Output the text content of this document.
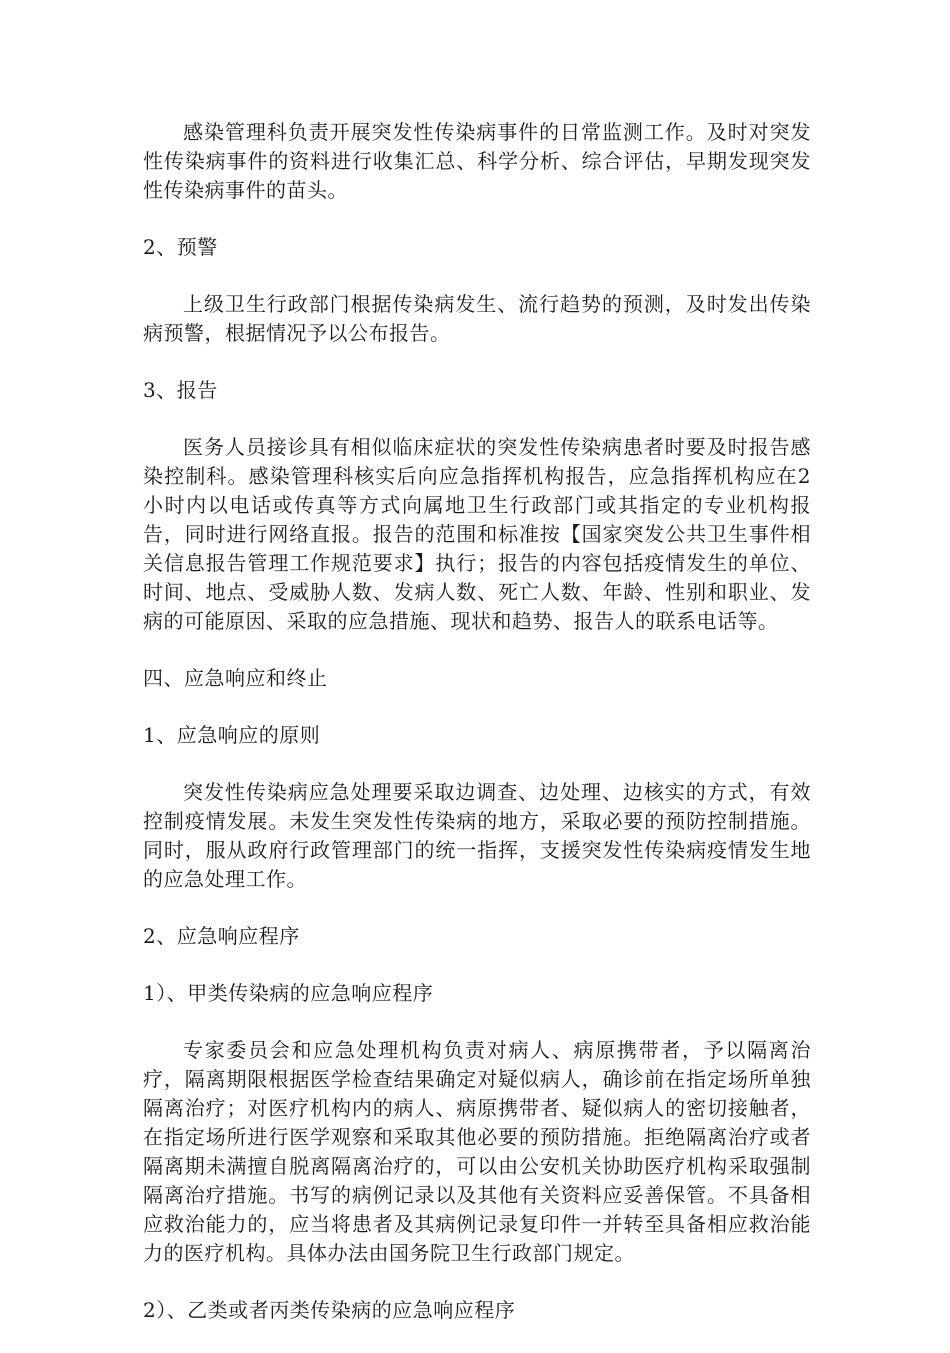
感染管理科负责开展突发性传染病事件的日常监测工作。及时对突发性传染病事件的资料进行收集汇总、科学分析、综合评估，早期发现突发性传染病事件的苗头。

2、预警

上级卫生行政部门根据传染病发生、流行趋势的预测，及时发出传染病预警，根据情况予以公布报告。

3、报告

医务人员接诊具有相似临床症状的突发性传染病患者时要及时报告感染控制科。感染管理科核实后向应急指挥机构报告，应急指挥机构应在2小时内以电话或传真等方式向属地卫生行政部门或其指定的专业机构报告，同时进行网络直报。报告的范围和标准按【国家突发公共卫生事件相关信息报告管理工作规范要求】执行；报告的内容包括疫情发生的单位、时间、地点、受威胁人数、发病人数、死亡人数、年龄、性别和职业、发病的可能原因、采取的应急措施、现状和趋势、报告人的联系电话等。

四、应急响应和终止

1、应急响应的原则

突发性传染病应急处理要采取边调查、边处理、边核实的方式，有效控制疫情发展。未发生突发性传染病的地方，采取必要的预防控制措施。同时，服从政府行政管理部门的统一指挥，支援突发性传染病疫情发生地的应急处理工作。

2、应急响应程序

1）、甲类传染病的应急响应程序

专家委员会和应急处理机构负责对病人、病原携带者，予以隔离治疗，隔离期限根据医学检查结果确定对疑似病人，确诊前在指定场所单独隔离治疗；对医疗机构内的病人、病原携带者、疑似病人的密切接触者，在指定场所进行医学观察和采取其他必要的预防措施。拒绝隔离治疗或者隔离期未满擅自脱离隔离治疗的，可以由公安机关协助医疗机构采取强制隔离治疗措施。书写的病例记录以及其他有关资料应妥善保管。不具备相应救治能力的，应当将患者及其病例记录复印件一并转至具备相应救治能力的医疗机构。具体办法由国务院卫生行政部门规定。

2）、乙类或者丙类传染病的应急响应程序
